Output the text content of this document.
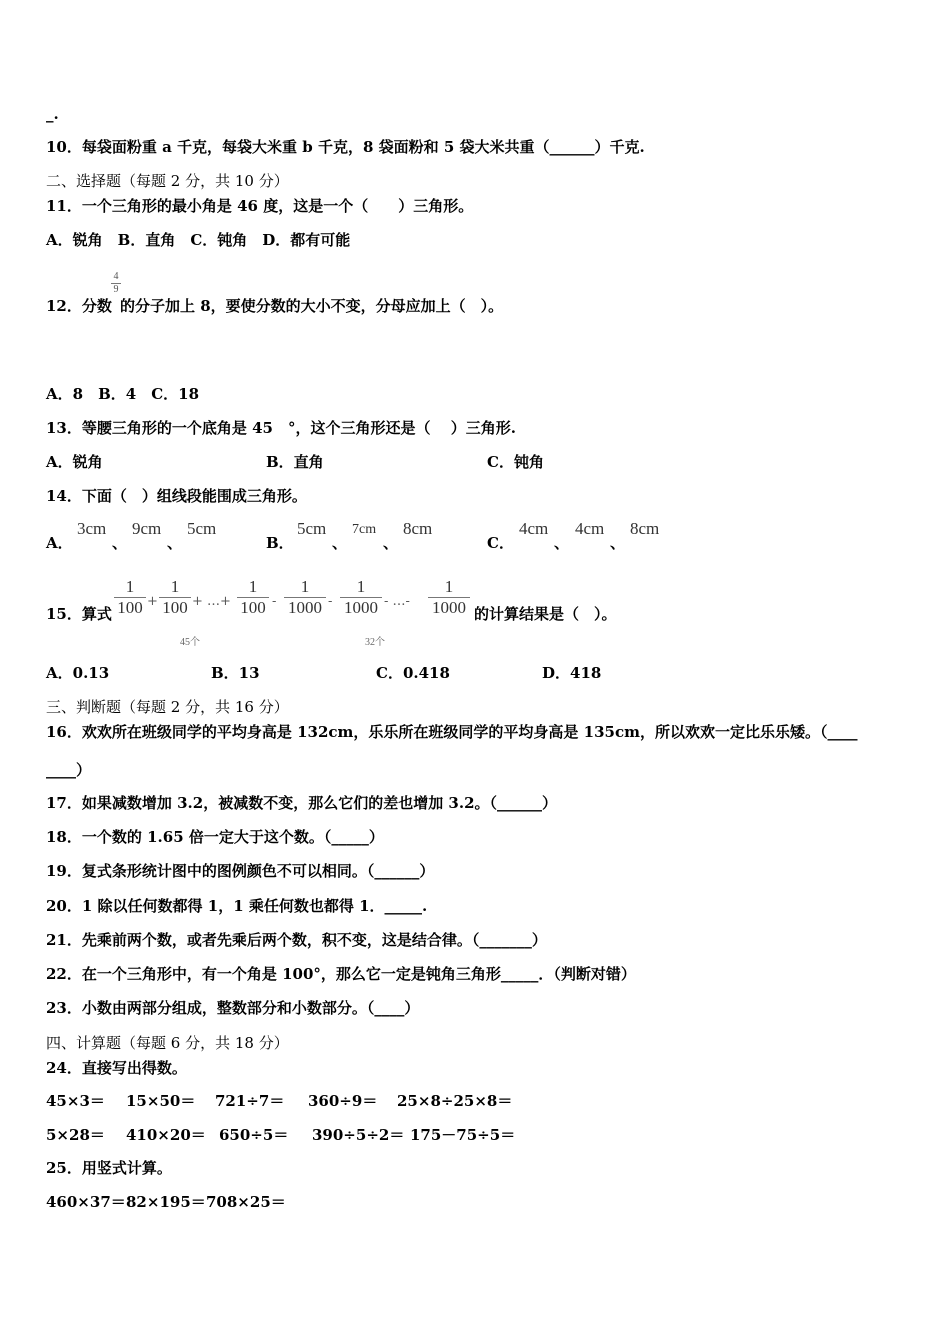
_.
10．每袋面粉重 a 千克，每袋大米重 b 千克，8 袋面粉和 5 袋大米共重（______）千克.
二、选择题（每题 2 分，共 10 分）
11．一个三角形的最小角是 46 度，这是一个（　　）三角形。
A．锐角　B．直角　C．钝角　D．都有可能
12．分数
4

9
的分子加上 8，要使分数的大小不变，分母应加上（　）。
A．8　B．4　C．18
13．等腰三角形的一个底角是 45　°，这个三角形还是（　 ）三角形.
A．锐角	B．直角	C．钝角
14．下面（　）组线段能围成三角形。
A．
3cm
、
9cm
、
5cm
B．
5cm
、
7cm
、
8cm
C．
4cm
、
4cm
、
8cm
15．算式
1
100 +
1
100 + …+
1
100
45个
-
1
1000 -
1
1000 - …-
1
1000
32个
的计算结果是（　）。
A．0.13	B．13	C．0.418	D．418
三、判断题（每题 2 分，共 16 分）
16．欢欢所在班级同学的平均身高是 132cm，乐乐所在班级同学的平均身高是 135cm，所以欢欢一定比乐乐矮。（____
____）
17．如果减数增加 3.2，被减数不变，那么它们的差也增加 3.2。（______）
18．一个数的 1.65 倍一定大于这个数。（_____）
19．复式条形统计图中的图例颜色不可以相同。（______）
20．1 除以任何数都得 1，1 乘任何数也都得 1．_____.
21．先乘前两个数，或者先乘后两个数，积不变，这是结合律。（_______）
22．在一个三角形中，有一个角是 100°，那么它一定是钝角三角形_____．（判断对错）
23．小数由两部分组成，整数部分和小数部分。（____）
四、计算题（每题 6 分，共 18 分）
24．直接写出得数。
45×3＝ 15×50＝ 721÷7＝ 360÷9＝ 25×8÷25×8＝
5×28＝ 410×20＝ 650÷5＝ 390÷5÷2＝ 175－75÷5＝
25．用竖式计算。
460×37＝ 82×195＝ 708×25＝
